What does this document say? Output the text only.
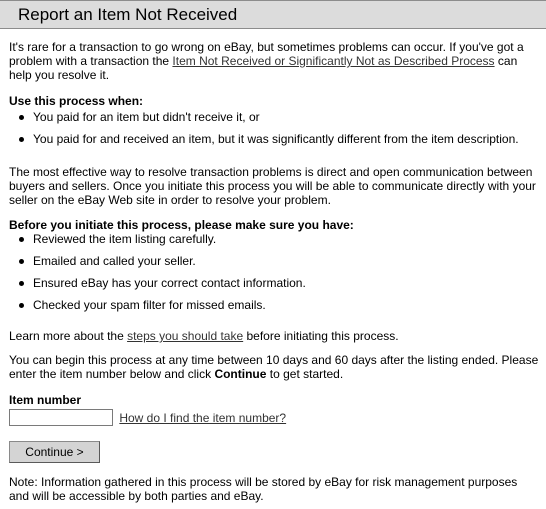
Report an Item Not Received

It's rare for a transaction to go wrong on eBay, but sometimes problems can occur. If you've got a problem with a transaction the Item Not Received or Significantly Not as Described Process can help you resolve it.

Use this process when:

You paid for an item but didn't receive it, or
You paid for and received an item, but it was significantly different from the item description.

The most effective way to resolve transaction problems is direct and open communication between buyers and sellers. Once you initiate this process you will be able to communicate directly with your seller on the eBay Web site in order to resolve your problem.

Before you initiate this process, please make sure you have:

Reviewed the item listing carefully.
Emailed and called your seller.
Ensured eBay has your correct contact information.
Checked your spam filter for missed emails.

Learn more about the steps you should take before initiating this process.

You can begin this process at any time between 10 days and 60 days after the listing ended. Please enter the item number below and click Continue to get started.

Item number

How do I find the item number?
Continue >

Note: Information gathered in this process will be stored by eBay for risk management purposes and will be accessible by both parties and eBay.
